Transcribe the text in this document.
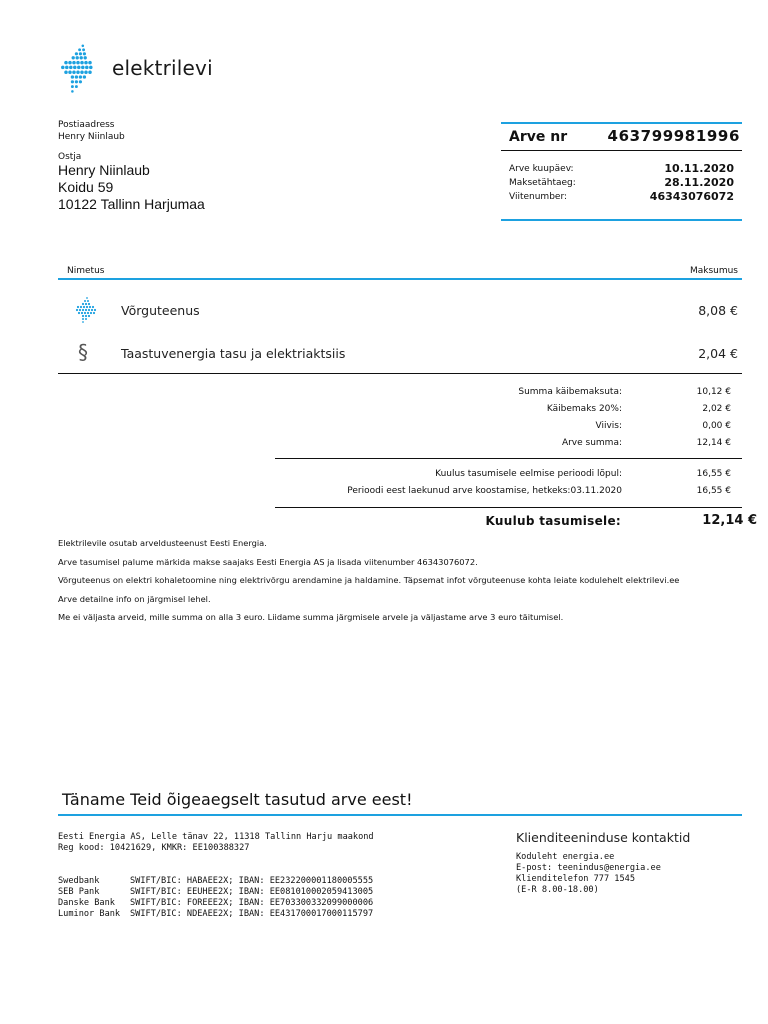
elektrilevi
Postiaadress
Henry Niinlaub
Ostja
Henry Niinlaub
Koidu 59
10122 Tallinn Harjumaa
Arve nr	463799981996
Arve kuupäev:	10.11.2020
Maksetähtaeg:	28.11.2020
Viitenumber:	46343076072
Nimetus	Maksumus
Võrguteenus	8,08 €
§	Taastuvenergia tasu ja elektriaktsiis	2,04 €
Summa käibemaksuta:	10,12 €
Käibemaks 20%:	2,02 €
Viivis:	0,00 €
Arve summa:	12,14 €
Kuulus tasumisele eelmise perioodi lõpul:	16,55 €
Perioodi eest laekunud arve koostamise, hetkeks:03.11.2020	16,55 €
Kuulub tasumisele:	12,14 €
Elektrilevile osutab arveldusteenust Eesti Energia.
Arve tasumisel palume märkida makse saajaks Eesti Energia AS ja lisada viitenumber 46343076072.
Võrguteenus on elektri kohaletoomine ning elektrivõrgu arendamine ja haldamine. Täpsemat infot võrguteenuse kohta leiate kodulehelt elektrilevi.ee
Arve detailne info on järgmisel lehel.
Me ei väljasta arveid, mille summa on alla 3 euro. Liidame summa järgmisele arvele ja väljastame arve 3 euro täitumisel.
Täname Teid õigeaegselt tasutud arve eest!
Eesti Energia AS, Lelle tänav 22, 11318 Tallinn Harju maakond
Reg kood: 10421629, KMKR: EE100388327
Swedbank	SWIFT/BIC: HABAEE2X; IBAN: EE232200001180005555
SEB Pank	SWIFT/BIC: EEUHEE2X; IBAN: EE081010002059413005
Danske Bank SWIFT/BIC: FOREEE2X; IBAN: EE703300332099000006
Luminor Bank SWIFT/BIC: NDEAEE2X; IBAN: EE431700017000115797
Klienditeeninduse kontaktid
Koduleht energia.ee
E-post: teenindus@energia.ee
Klienditelefon 777 1545
(E-R 8.00-18.00)
